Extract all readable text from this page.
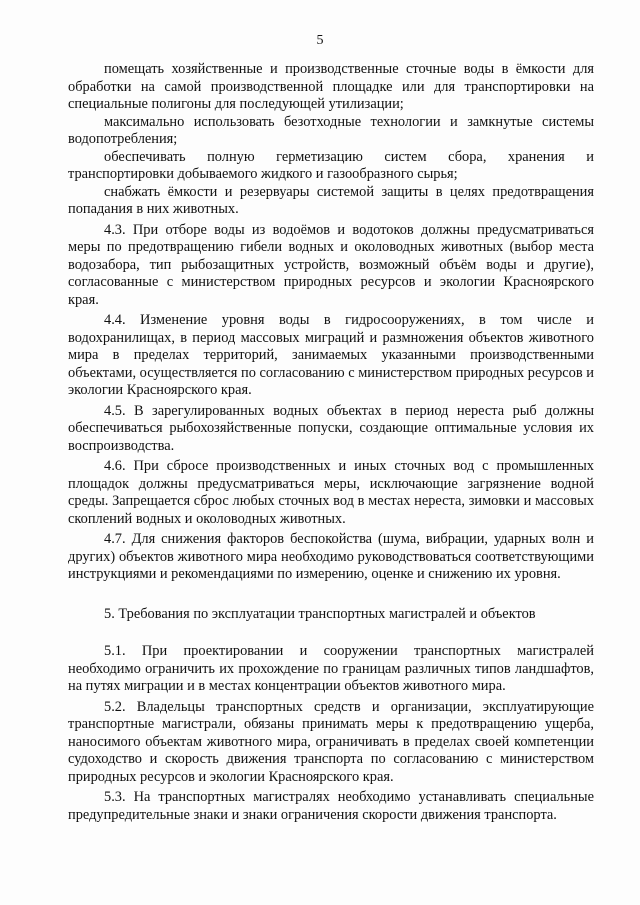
5

помещать хозяйственные и производственные сточные воды в ёмкости для обработки на самой производственной площадке или для транспортировки на специальные полигоны для последующей утилизации;

максимально использовать безотходные технологии и замкнутые системы водопотребления;

обеспечивать полную герметизацию систем сбора, хранения и транспортировки добываемого жидкого и газообразного сырья;

снабжать ёмкости и резервуары системой защиты в целях предотвращения попадания в них животных.

4.3. При отборе воды из водоёмов и водотоков должны предусматриваться меры по предотвращению гибели водных и околоводных животных (выбор места водозабора, тип рыбозащитных устройств, возможный объём воды и другие), согласованные с министерством природных ресурсов и экологии Красноярского края.

4.4. Изменение уровня воды в гидросооружениях, в том числе и водохранилищах, в период массовых миграций и размножения объектов животного мира в пределах территорий, занимаемых указанными производственными объектами, осуществляется по согласованию с министерством природных ресурсов и экологии Красноярского края.

4.5. В зарегулированных водных объектах в период нереста рыб должны обеспечиваться рыбохозяйственные попуски, создающие оптимальные условия их воспроизводства.

4.6. При сбросе производственных и иных сточных вод с промышленных площадок должны предусматриваться меры, исключающие загрязнение водной среды. Запрещается сброс любых сточных вод в местах нереста, зимовки и массовых скоплений водных и околоводных животных.

4.7. Для снижения факторов беспокойства (шума, вибрации, ударных волн и других) объектов животного мира необходимо руководствоваться соответствующими инструкциями и рекомендациями по измерению, оценке и снижению их уровня.

5. Требования по эксплуатации транспортных магистралей и объектов

5.1. При проектировании и сооружении транспортных магистралей необходимо ограничить их прохождение по границам различных типов ландшафтов, на путях миграции и в местах концентрации объектов животного мира.

5.2. Владельцы транспортных средств и организации, эксплуатирующие транспортные магистрали, обязаны принимать меры к предотвращению ущерба, наносимого объектам животного мира, ограничивать в пределах своей компетенции судоходство и скорость движения транспорта по согласованию с министерством природных ресурсов и экологии Красноярского края.

5.3. На транспортных магистралях необходимо устанавливать специальные предупредительные знаки и знаки ограничения скорости движения транспорта.
